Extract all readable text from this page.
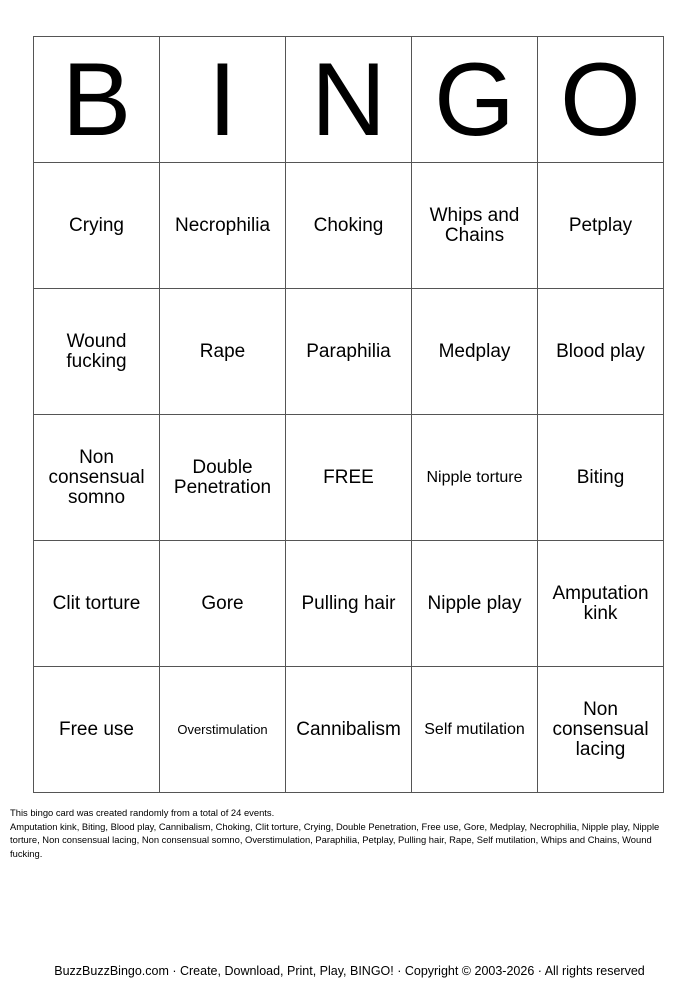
B	I	N	G	O
Crying	Necrophilia	Choking	Whips and Chains	Petplay
Wound fucking	Rape	Paraphilia	Medplay	Blood play
Non consensual somno	Double Penetration	FREE	Nipple torture	Biting
Clit torture	Gore	Pulling hair	Nipple play	Amputation kink
Free use	Overstimulation	Cannibalism	Self mutilation	Non consensual lacing
This bingo card was created randomly from a total of 24 events.
Amputation kink, Biting, Blood play, Cannibalism, Choking, Clit torture, Crying, Double Penetration, Free use, Gore, Medplay, Necrophilia, Nipple play, Nipple torture, Non consensual lacing, Non consensual somno, Overstimulation, Paraphilia, Petplay, Pulling hair, Rape, Self mutilation, Whips and Chains, Wound fucking.
BuzzBuzzBingo.com · Create, Download, Print, Play, BINGO! · Copyright © 2003-2026 · All rights reserved
